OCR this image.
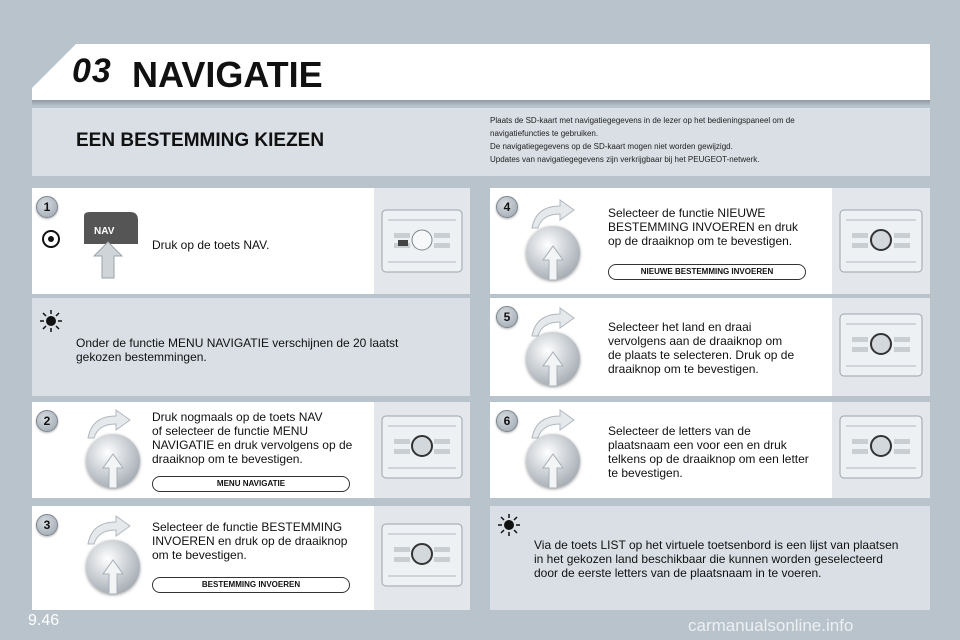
03 NAVIGATIE
EEN BESTEMMING KIEZEN
Plaats de SD-kaart met navigatiegegevens in de lezer op het bedieningspaneel om de
navigatiefuncties te gebruiken.
De navigatiegegevens op de SD-kaart mogen niet worden gewijzigd.
Updates van navigatiegegevens zijn verkrijgbaar bij het PEUGEOT-netwerk.
1
NAV
Druk op de toets NAV.
Onder de functie MENU NAVIGATIE verschijnen de 20 laatst
gekozen bestemmingen.
2	Druk nogmaals op de toets NAV
of selecteer de functie MENU
NAVIGATIE en druk vervolgens op de
draaiknop om te bevestigen.
MENU NAVIGATIE
3	Selecteer de functie BESTEMMING
INVOEREN en druk op de draaiknop
om te bevestigen.
BESTEMMING INVOEREN
4	Selecteer de functie NIEUWE
BESTEMMING INVOEREN en druk
op de draaiknop om te bevestigen.
NIEUWE BESTEMMING INVOEREN
5
Selecteer het land en draai
vervolgens aan de draaiknop om
de plaats te selecteren. Druk op de
draaiknop om te bevestigen.
6
Selecteer de letters van de
plaatsnaam een voor een en druk
telkens op de draaiknop om een letter
te bevestigen.
Via de toets LIST op het virtuele toetsenbord is een lijst van plaatsen
in het gekozen land beschikbaar die kunnen worden geselecteerd
door de eerste letters van de plaatsnaam in te voeren.
9.46	carmanualsonline.info
